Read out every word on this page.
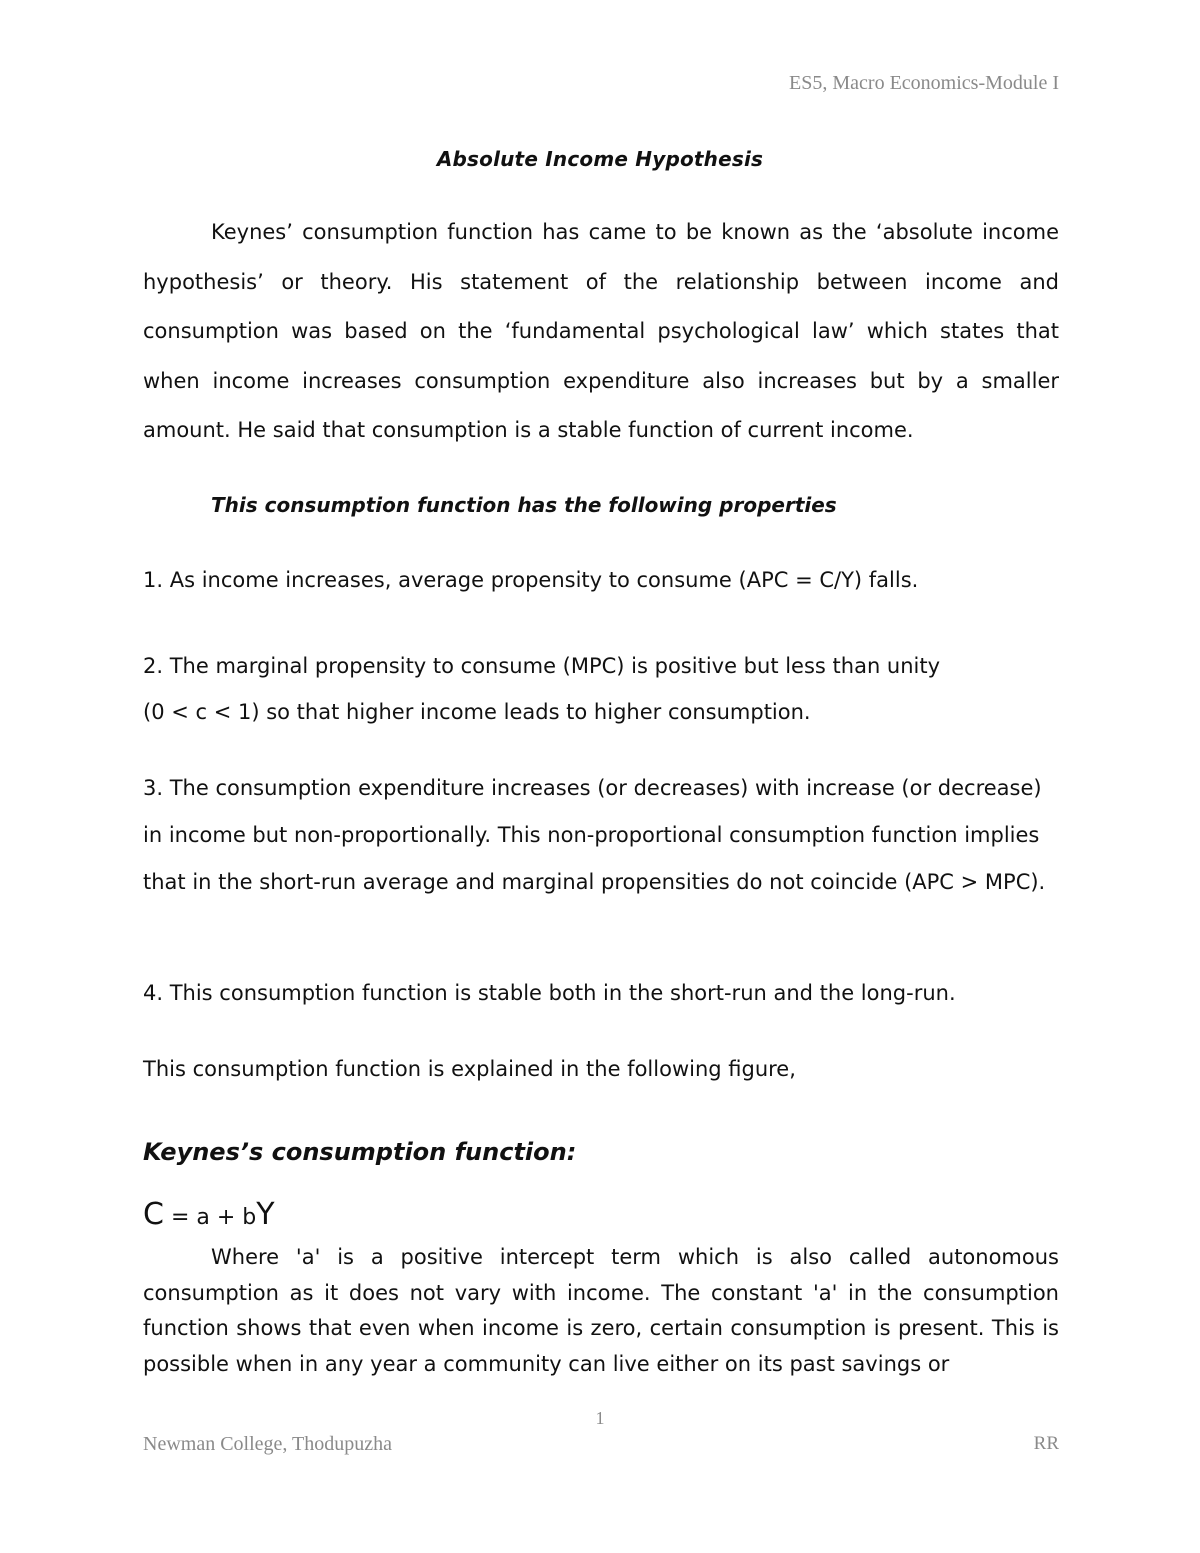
ES5, Macro Economics-Module I
Absolute Income Hypothesis
Keynes’ consumption function has came to be known as the ‘absolute income hypothesis’ or theory. His statement of the relationship between income and consumption was based on the ‘fundamental psychological law’ which states that when income increases consumption expenditure also increases but by a smaller amount. He said that consumption is a stable function of current income.
This consumption function has the following properties
1. As income increases, average propensity to consume (APC = C/Y) falls.
2. The marginal propensity to consume (MPC) is positive but less than unity
(0 < c < 1) so that higher income leads to higher consumption.
3. The consumption expenditure increases (or decreases) with increase (or decrease) in income but non-proportionally. This non-proportional consumption function implies that in the short-run average and marginal propensities do not coincide (APC > MPC).
4. This consumption function is stable both in the short-run and the long-run.
This consumption function is explained in the following figure,
Keynes’s consumption function:
C = a + bY
Where 'a' is a positive intercept term which is also called autonomous consumption as it does not vary with income. The constant 'a' in the consumption function shows that even when income is zero, certain consumption is present. This is possible when in any year a community can live either on its past savings or
1
Newman College, Thodupuzha	RR
